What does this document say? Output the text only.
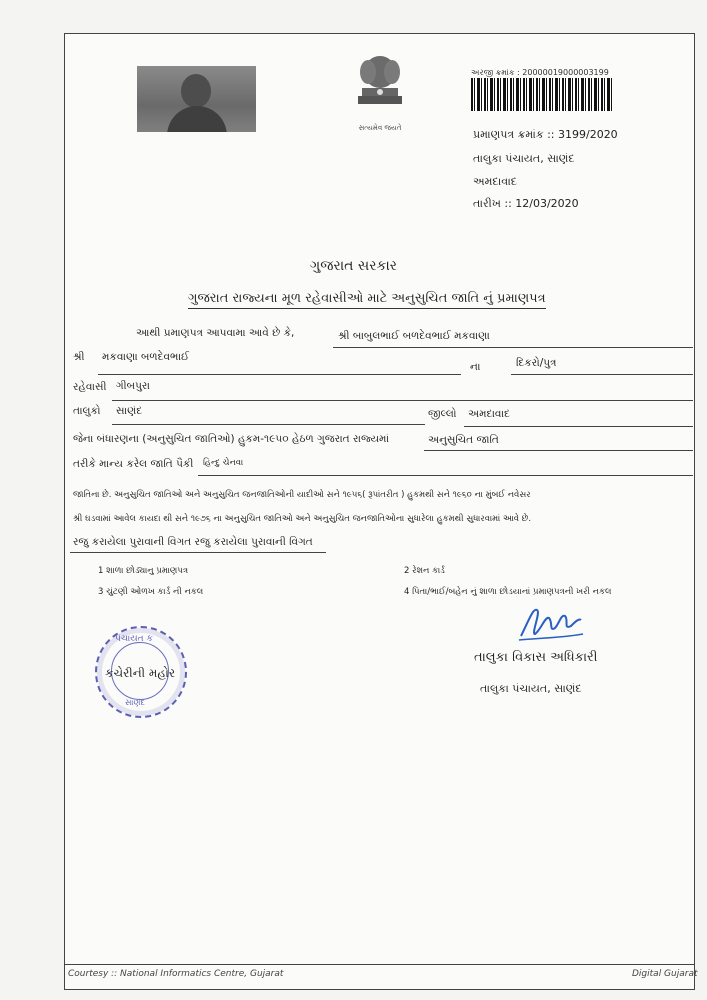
સત્યમેવ જયતે
અરજી ક્રમાંક : 20000019000003199
પ્રમાણપત્ર ક્રમાંક :: 3199/2020
તાલુકા પંચાયત, સાણંદ
અમદાવાદ
તારીખ :: 12/03/2020
ગુજરાત સરકાર
ગુજરાત રાજ્યના મૂળ રહેવાસીઓ માટે અનુસુચિત જાતિ નું પ્રમાણપત્ર
આથી પ્રમાણપત્ર આપવામા આવે છે કે,	શ્રી બાબુલભાઈ બળદેવભાઈ મકવાણા
શ્રી મકવાણા બળદેવભાઈ
ના	દિકરો/પુત્ર
રહેવાસી ગીબપુરા
તાલુકો સાણંદ	જીલ્લો અમદાવાદ
જેના બંધારણના (અનુસુચિત જાતિઓ) હુકમ-૧૯૫૦ હેઠળ ગુજરાત રાજ્યમાં	અનુસુચિત જાતિ
તરીકે માન્ય કરેલ જાતિ પૈકી હિન્દુ ચેનવા
જાતિના છે. અનુસુચિત જાતિઓ અને અનુસુચિત જનજાતિઓની યાદીઓ સને ૧૯૫૬( રૂપાંતરીત ) હુકમથી સને ૧૯૬૦ ના મુંબઈ નવેસર
શ્રી ઘડવામાં આવેલ કાયદા થી સને ૧૯૭૬ ના અનુસુચિત જાતિઓ અને અનુસુચિત જનજાતિઓના સુધારેલા હુકમથી સુધારવામાં આવે છે.
રજુ કરાયેલા પુરાવાની વિગત રજુ કરાયેલા પુરાવાની વિગત
1 શાળા છોડ્યાનુ પ્રમાણપત્ર	2 રેશન કાર્ડ
3 ચુંટણી ઓળખ કાર્ડ ની નકલ	4 પિતા/ભાઈ/બહેન નું શાળા છોડયાનાં પ્રમાણપત્રની ખરી નકલ
પંચાયત ક
સાણંદ
કચેરીની મહોર
તાલુકા વિકાસ અધિકારી
તાલુકા પંચાયત, સાણંદ
Courtesy :: National Informatics Centre, Gujarat	Digital Gujarat
